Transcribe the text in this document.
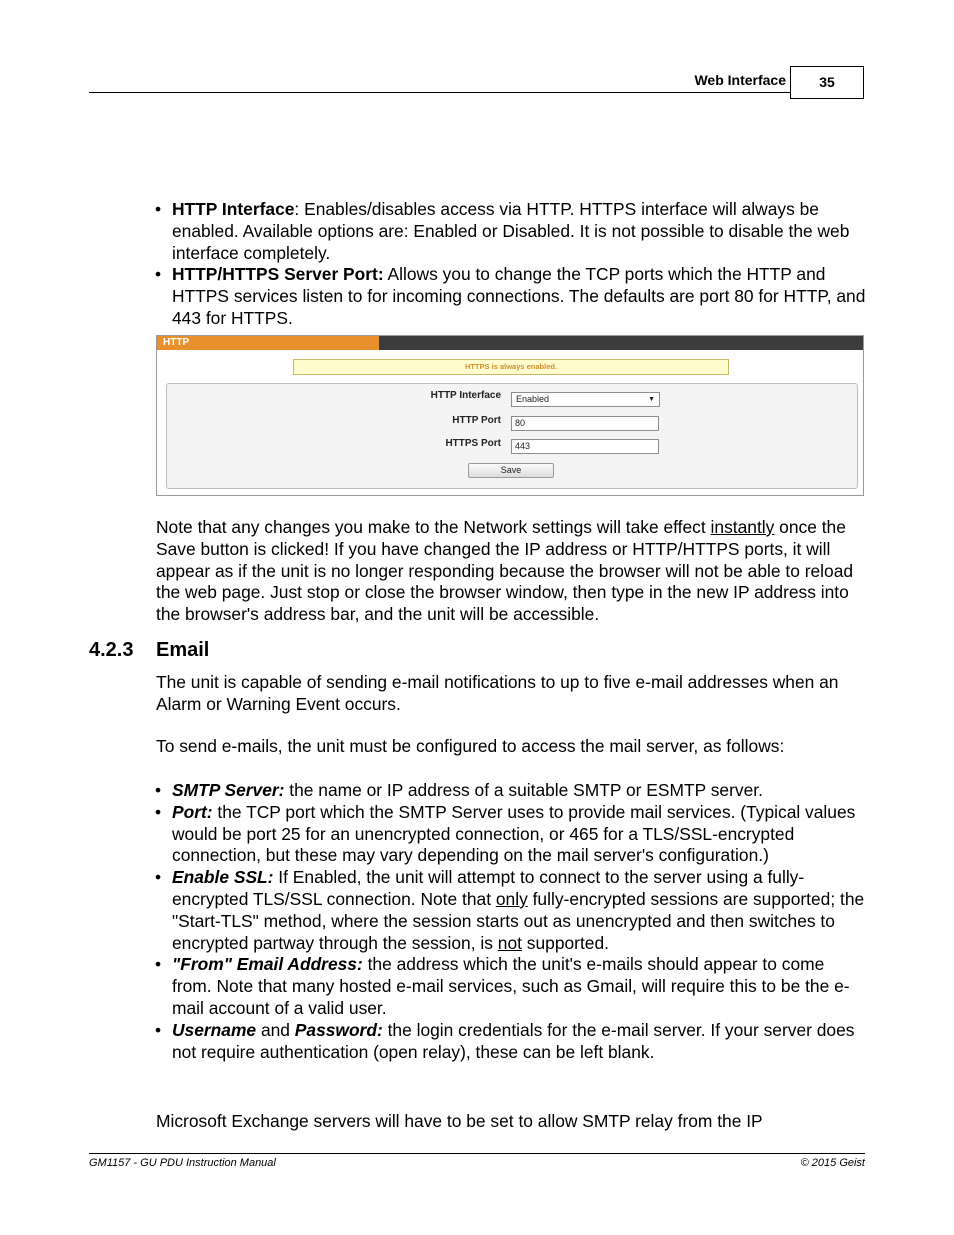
Web Interface	35
• HTTP Interface: Enables/disables access via HTTP. HTTPS interface will always be enabled. Available options are: Enabled or Disabled. It is not possible to disable the web interface completely.
• HTTP/HTTPS Server Port: Allows you to change the TCP ports which the HTTP and HTTPS services listen to for incoming connections. The defaults are port 80 for HTTP, and 443 for HTTPS.
HTTP
HTTPS is always enabled.
HTTP Interface	Enabled	▼
HTTP Port	80
HTTPS Port	443
Save
Note that any changes you make to the Network settings will take effect instantly once the Save button is clicked! If you have changed the IP address or HTTP/HTTPS ports, it will appear as if the unit is no longer responding because the browser will not be able to reload the web page. Just stop or close the browser window, then type in the new IP address into the browser's address bar, and the unit will be accessible.
4.2.3 Email
The unit is capable of sending e-mail notifications to up to five e-mail addresses when an Alarm or Warning Event occurs.
To send e-mails, the unit must be configured to access the mail server, as follows:
• SMTP Server: the name or IP address of a suitable SMTP or ESMTP server.
• Port: the TCP port which the SMTP Server uses to provide mail services. (Typical values would be port 25 for an unencrypted connection, or 465 for a TLS/SSL-encrypted connection, but these may vary depending on the mail server's configuration.)
• Enable SSL: If Enabled, the unit will attempt to connect to the server using a fully-encrypted TLS/SSL connection. Note that only fully-encrypted sessions are supported; the "Start-TLS" method, where the session starts out as unencrypted and then switches to encrypted partway through the session, is not supported.
• "From" Email Address: the address which the unit's e-mails should appear to come from. Note that many hosted e-mail services, such as Gmail, will require this to be the e-mail account of a valid user.
• Username and Password: the login credentials for the e-mail server. If your server does not require authentication (open relay), these can be left blank.
Microsoft Exchange servers will have to be set to allow SMTP relay from the IP
GM1157 - GU PDU Instruction Manual	© 2015 Geist
